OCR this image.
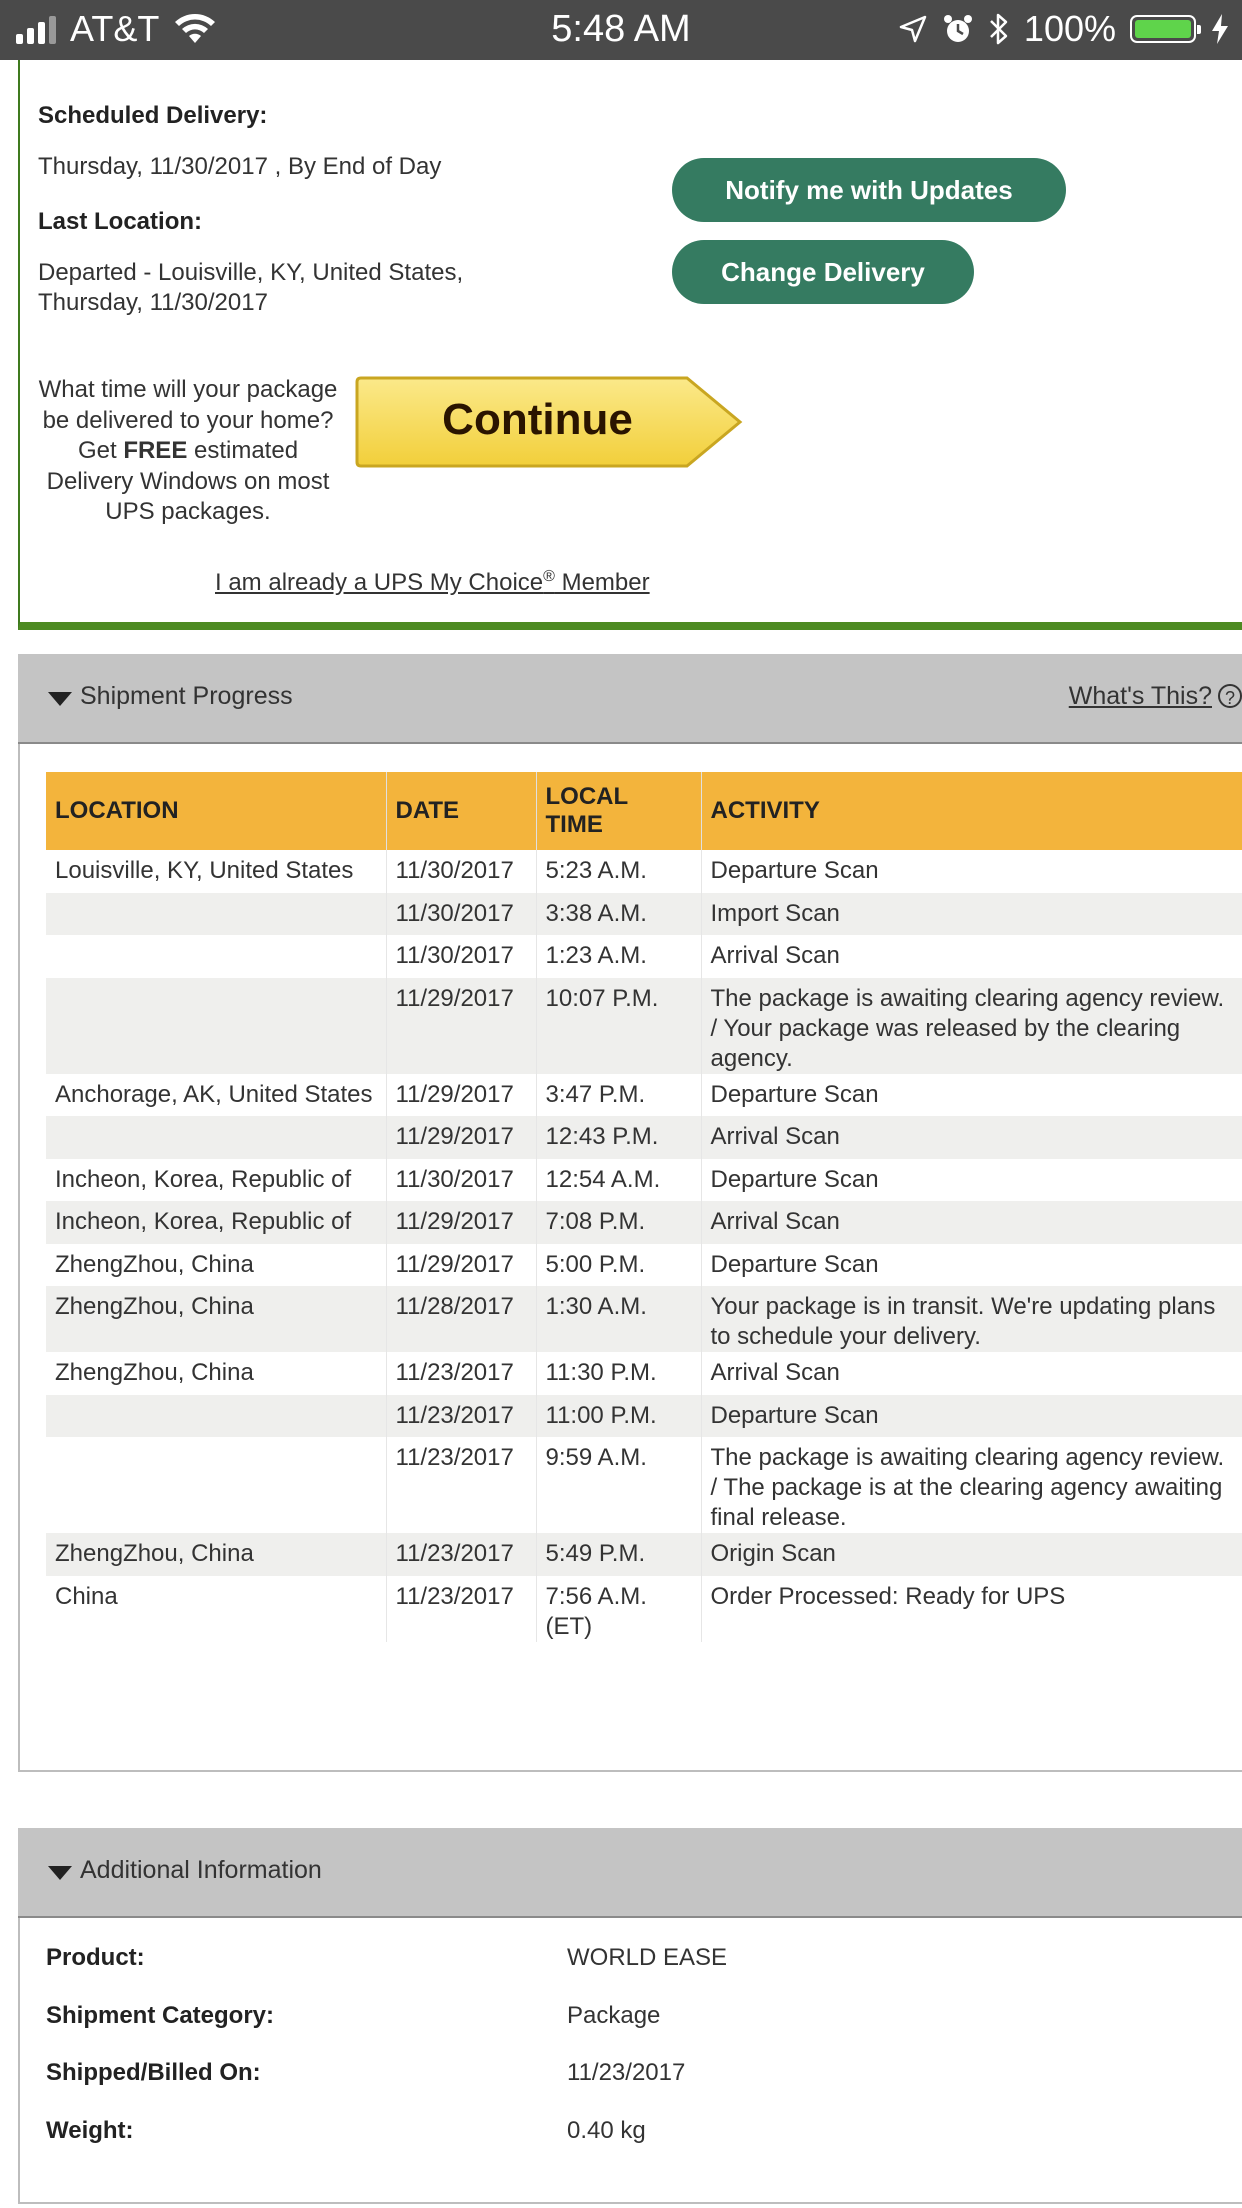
AT&T	5:48 AM	100%
Scheduled Delivery:
Thursday, 11/30/2017 , By End of Day
Last Location:
Departed - Louisville, KY, United States,
Thursday, 11/30/2017
Notify me with Updates
Change Delivery
What time will your package be delivered to your home? Get FREE estimated Delivery Windows on most UPS packages.
Continue
I am already a UPS My Choice® Member
Shipment Progress	What's This? ?
LOCATION	DATE	LOCAL TIME	ACTIVITY
Louisville, KY, United States	11/30/2017	5:23 A.M.	Departure Scan
	11/30/2017	3:38 A.M.	Import Scan
	11/30/2017	1:23 A.M.	Arrival Scan
	11/29/2017	10:07 P.M.	The package is awaiting clearing agency review. / Your package was released by the clearing agency.
Anchorage, AK, United States	11/29/2017	3:47 P.M.	Departure Scan
	11/29/2017	12:43 P.M.	Arrival Scan
Incheon, Korea, Republic of	11/30/2017	12:54 A.M.	Departure Scan
Incheon, Korea, Republic of	11/29/2017	7:08 P.M.	Arrival Scan
ZhengZhou, China	11/29/2017	5:00 P.M.	Departure Scan
ZhengZhou, China	11/28/2017	1:30 A.M.	Your package is in transit. We're updating plans to schedule your delivery.
ZhengZhou, China	11/23/2017	11:30 P.M.	Arrival Scan
	11/23/2017	11:00 P.M.	Departure Scan
	11/23/2017	9:59 A.M.	The package is awaiting clearing agency review. / The package is at the clearing agency awaiting final release.
ZhengZhou, China	11/23/2017	5:49 P.M.	Origin Scan
China	11/23/2017	7:56 A.M. (ET)	Order Processed: Ready for UPS
Additional Information
Product:	WORLD EASE
Shipment Category:	Package
Shipped/Billed On:	11/23/2017
Weight:	0.40 kg
